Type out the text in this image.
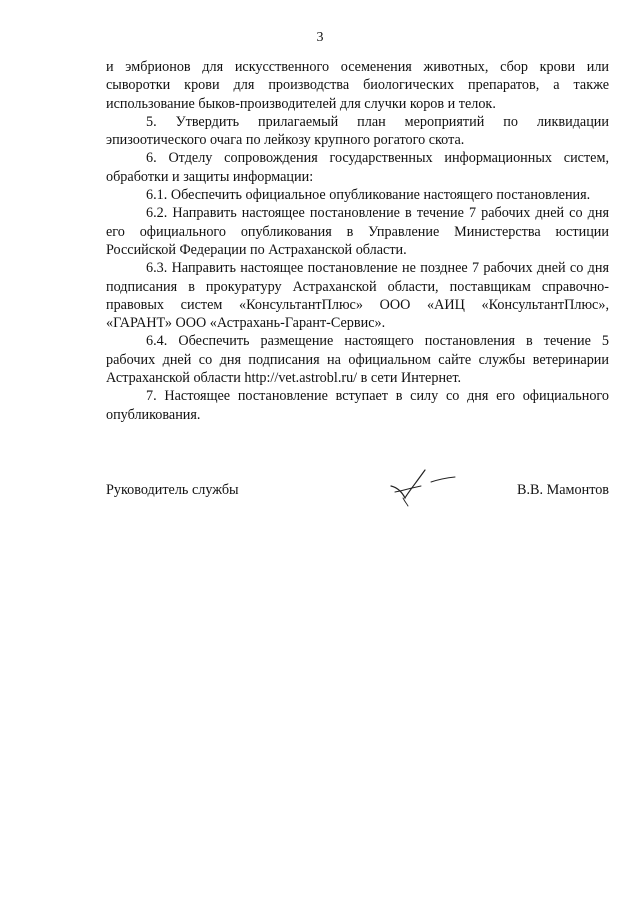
3

и эмбрионов для искусственного осеменения животных, сбор крови или сыворотки крови для производства биологических препаратов, а также использование быков-производителей для случки коров и телок.

5. Утвердить прилагаемый план мероприятий по ликвидации эпизоотического очага по лейкозу крупного рогатого скота.

6. Отделу сопровождения государственных информационных систем, обработки и защиты информации:

6.1. Обеспечить официальное опубликование настоящего постановления.

6.2. Направить настоящее постановление в течение 7 рабочих дней со дня его официального опубликования в Управление Министерства юстиции Российской Федерации по Астраханской области.

6.3. Направить настоящее постановление не позднее 7 рабочих дней со дня подписания в прокуратуру Астраханской области, поставщикам справочно-правовых систем «КонсультантПлюс» ООО «АИЦ «КонсультантПлюс», «ГАРАНТ» ООО «Астрахань-Гарант-Сервис».

6.4. Обеспечить размещение настоящего постановления в течение 5 рабочих дней со дня подписания на официальном сайте службы ветеринарии Астраханской области http://vet.astrobl.ru/ в сети Интернет.

7. Настоящее постановление вступает в силу со дня его официального опубликования.

Руководитель службы	В.В. Мамонтов
